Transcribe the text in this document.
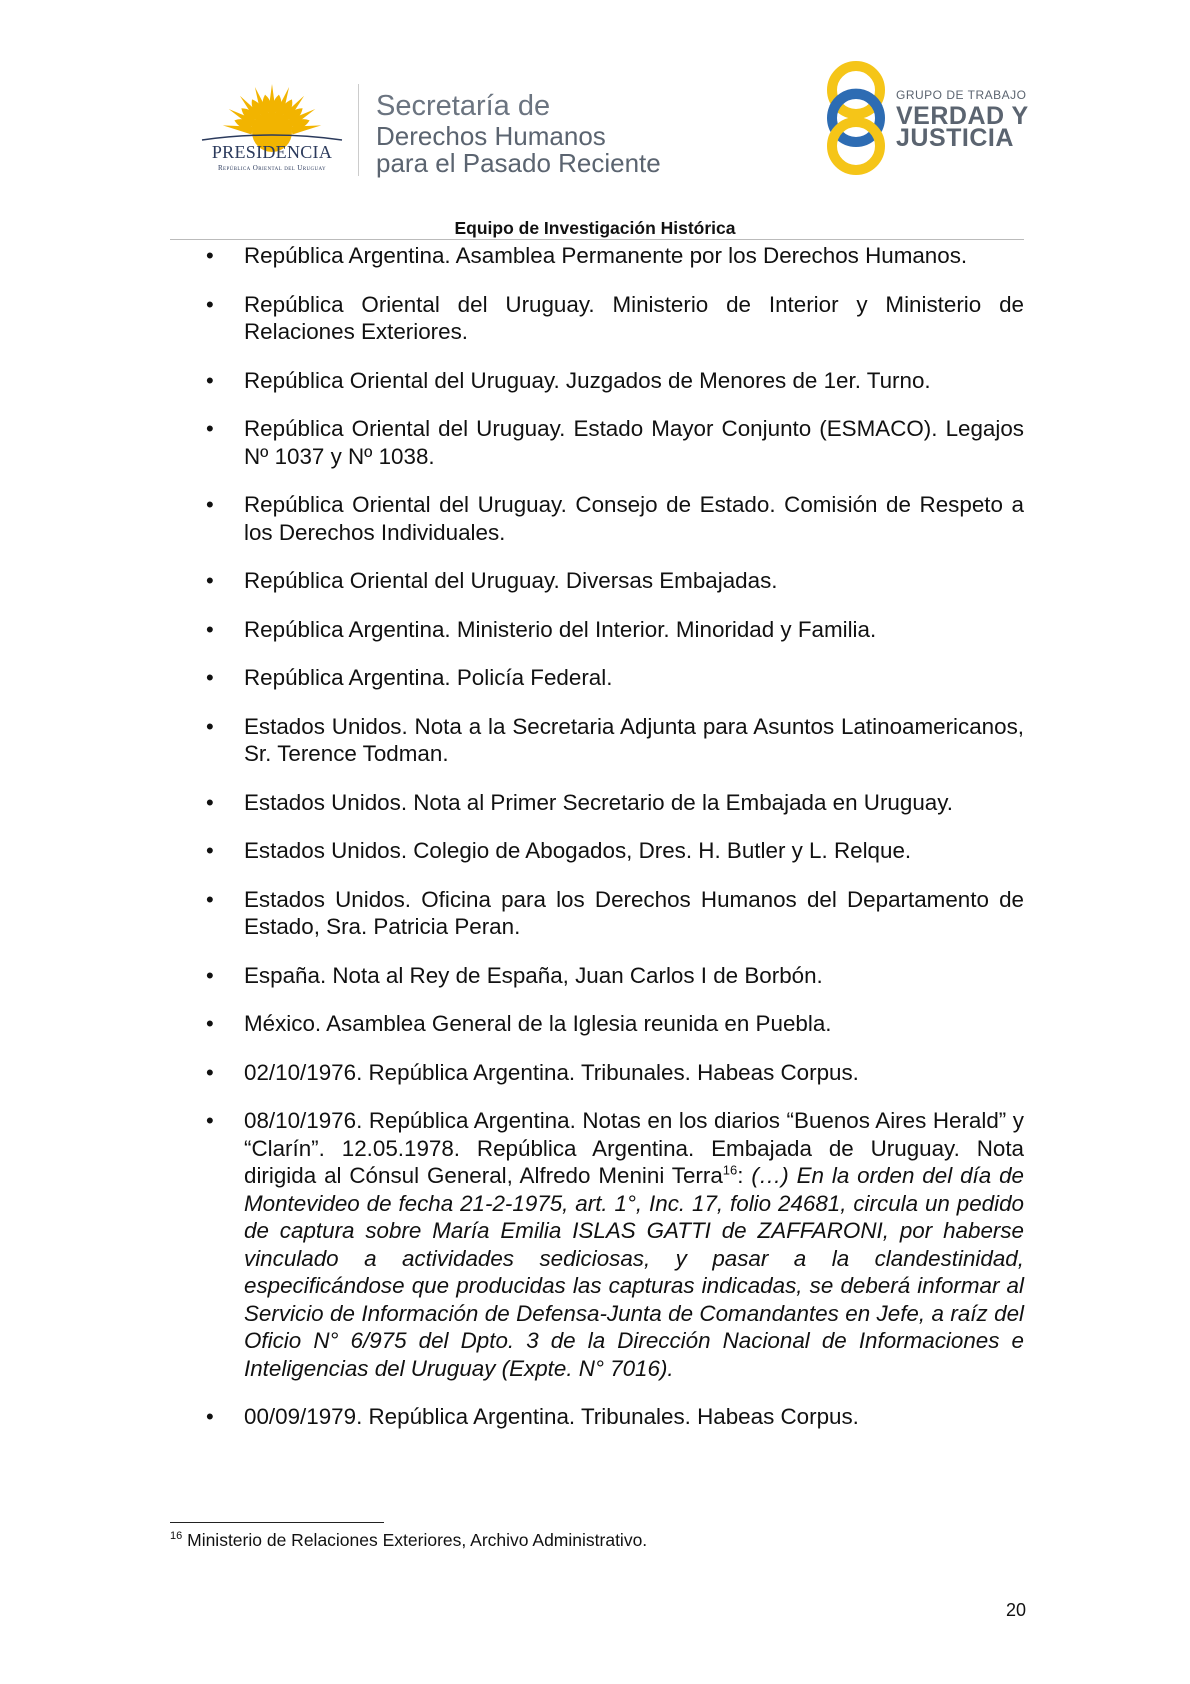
PRESIDENCIA
República Oriental del Uruguay
Secretaría de
Derechos Humanos
para el Pasado Reciente
GRUPO DE TRABAJO
VERDAD Y
JUSTICIA
Equipo de Investigación Histórica
• República Argentina. Asamblea Permanente por los Derechos Humanos.
• República Oriental del Uruguay. Ministerio de Interior y Ministerio de Relaciones Exteriores.
• República Oriental del Uruguay. Juzgados de Menores de 1er. Turno.
• República Oriental del Uruguay. Estado Mayor Conjunto (ESMACO). Legajos Nº 1037 y Nº 1038.
• República Oriental del Uruguay. Consejo de Estado. Comisión de Respeto a los Derechos Individuales.
• República Oriental del Uruguay. Diversas Embajadas.
• República Argentina. Ministerio del Interior. Minoridad y Familia.
• República Argentina. Policía Federal.
• Estados Unidos. Nota a la Secretaria Adjunta para Asuntos Latinoamericanos, Sr. Terence Todman.
• Estados Unidos. Nota al Primer Secretario de la Embajada en Uruguay.
• Estados Unidos. Colegio de Abogados, Dres. H. Butler y L. Relque.
• Estados Unidos. Oficina para los Derechos Humanos del Departamento de Estado, Sra. Patricia Peran.
• España. Nota al Rey de España, Juan Carlos I de Borbón.
• México. Asamblea General de la Iglesia reunida en Puebla.
• 02/10/1976. República Argentina. Tribunales. Habeas Corpus.
• 08/10/1976. República Argentina. Notas en los diarios “Buenos Aires Herald” y “Clarín”. 12.05.1978. República Argentina. Embajada de Uruguay. Nota dirigida al Cónsul General, Alfredo Menini Terra$^{16}$: (…) En la orden del día de Montevideo de fecha 21-2-1975, art. 1°, Inc. 17, folio 24681, circula un pedido de captura sobre María Emilia ISLAS GATTI de ZAFFARONI, por haberse vinculado a actividades sediciosas, y pasar a la clandestinidad, especificándose que producidas las capturas indicadas, se deberá informar al Servicio de Información de Defensa-Junta de Comandantes en Jefe, a raíz del Oficio N° 6/975 del Dpto. 3 de la Dirección Nacional de Informaciones e Inteligencias del Uruguay (Expte. N° 7016).
• 00/09/1979. República Argentina. Tribunales. Habeas Corpus.
$^{16}$ Ministerio de Relaciones Exteriores, Archivo Administrativo.
20
